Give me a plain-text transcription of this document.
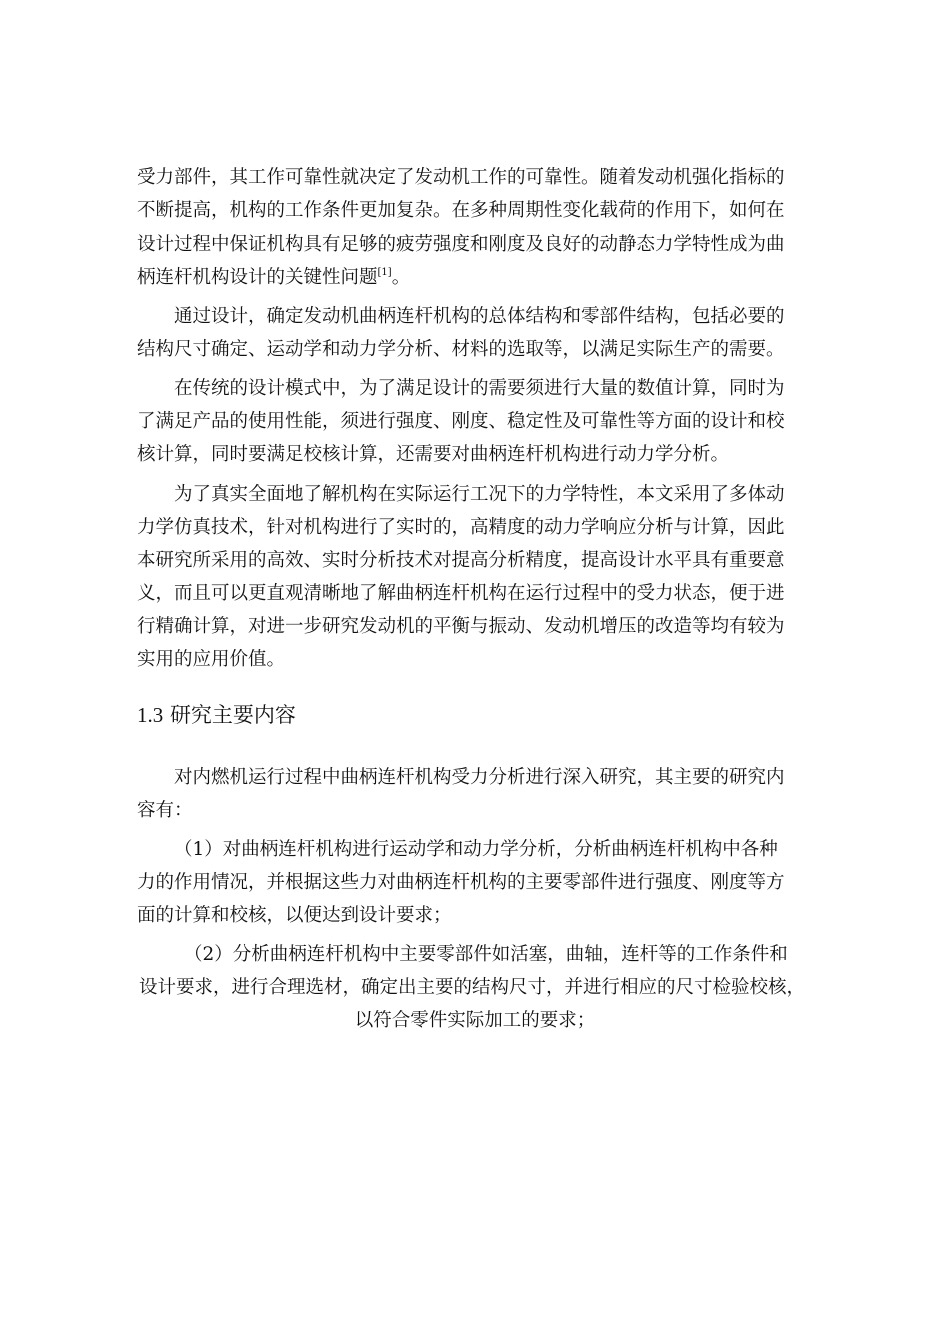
受力部件，其工作可靠性就决定了发动机工作的可靠性。随着发动机强化指标的
不断提高，机构的工作条件更加复杂。在多种周期性变化载荷的作用下，如何在
设计过程中保证机构具有足够的疲劳强度和刚度及良好的动静态力学特性成为曲
柄连杆机构设计的关键性问题[1]。
通过设计，确定发动机曲柄连杆机构的总体结构和零部件结构，包括必要的
结构尺寸确定、运动学和动力学分析、材料的选取等，以满足实际生产的需要。
在传统的设计模式中，为了满足设计的需要须进行大量的数值计算，同时为
了满足产品的使用性能，须进行强度、刚度、稳定性及可靠性等方面的设计和校
核计算，同时要满足校核计算，还需要对曲柄连杆机构进行动力学分析。
为了真实全面地了解机构在实际运行工况下的力学特性，本文采用了多体动
力学仿真技术，针对机构进行了实时的，高精度的动力学响应分析与计算，因此
本研究所采用的高效、实时分析技术对提高分析精度，提高设计水平具有重要意
义，而且可以更直观清晰地了解曲柄连杆机构在运行过程中的受力状态，便于进
行精确计算，对进一步研究发动机的平衡与振动、发动机增压的改造等均有较为
实用的应用价值。
1.3 研究主要内容
对内燃机运行过程中曲柄连杆机构受力分析进行深入研究，其主要的研究内
容有：
（1）对曲柄连杆机构进行运动学和动力学分析，分析曲柄连杆机构中各种
力的作用情况，并根据这些力对曲柄连杆机构的主要零部件进行强度、刚度等方
面的计算和校核，以便达到设计要求；
（2）分析曲柄连杆机构中主要零部件如活塞，曲轴，连杆等的工作条件和
设计要求，进行合理选材，确定出主要的结构尺寸，并进行相应的尺寸检验校核，
以符合零件实际加工的要求；
